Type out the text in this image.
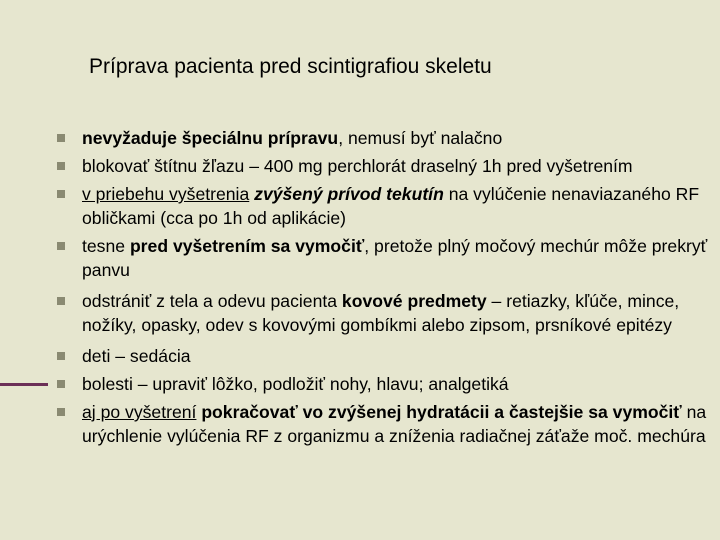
Príprava pacienta pred scintigrafiou skeletu
nevyžaduje špeciálnu prípravu, nemusí byť nalačno
blokovať štítnu žľazu – 400 mg perchlorát draselný 1h pred vyšetrením
v priebehu vyšetrenia zvýšený prívod tekutín na vylúčenie nenaviazaného RF obličkami (cca po 1h od aplikácie)
tesne pred vyšetrením sa vymočiť, pretože plný močový mechúr môže prekryť panvu
odstrániť z tela a odevu pacienta kovové predmety – retiazky, kľúče, mince, nožíky, opasky, odev s kovovými gombíkmi alebo zipsom, prsníkové epitézy
deti – sedácia
bolesti – upraviť lôžko, podložiť nohy, hlavu; analgetiká
aj po vyšetrení pokračovať vo zvýšenej hydratácii a častejšie sa vymočiť na urýchlenie vylúčenia RF z organizmu a zníženia radiačnej záťaže moč. mechúra
